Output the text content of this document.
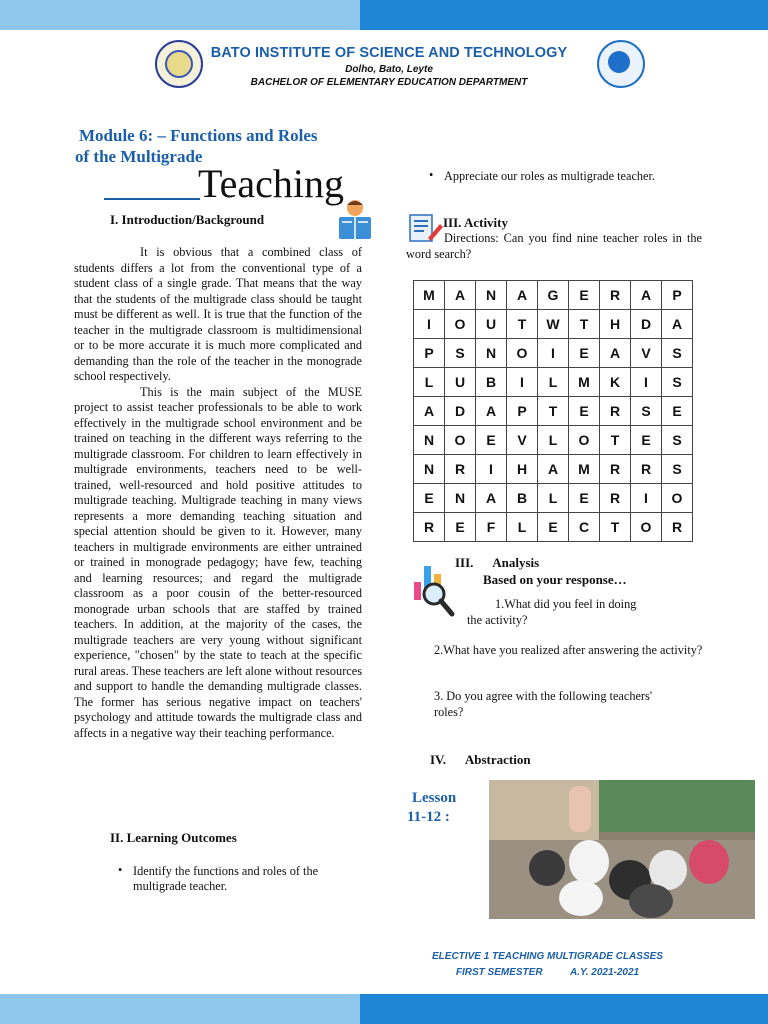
BATO INSTITUTE OF SCIENCE AND TECHNOLOGY
Dolho, Bato, Leyte
BACHELOR OF ELEMENTARY EDUCATION DEPARTMENT
Module 6: – Functions and Roles
of the Multigrade
Teaching
I. Introduction/Background

It is obvious that a combined class of students differs a lot from the conventional type of a student class of a single grade. That means that the way that the students of the multigrade class should be taught must be different as well. It is true that the function of the teacher in the multigrade classroom is multidimensional or to be more accurate it is much more complicated and demanding than the role of the teacher in the monograde school respectively.

This is the main subject of the MUSE project to assist teacher professionals to be able to work effectively in the multigrade school environment and be trained on teaching in the different ways referring to the multigrade classroom. For children to learn effectively in multigrade environments, teachers need to be well-trained, well-resourced and hold positive attitudes to multigrade teaching. Multigrade teaching in many views represents a more demanding teaching situation and special attention should be given to it. However, many teachers in multigrade environments are either untrained or trained in monograde pedagogy; have few, teaching and learning resources; and regard the multigrade classroom as a poor cousin of the better-resourced monograde urban schools that are staffed by trained teachers. In addition, at the majority of the cases, the multigrade teachers are very young without significant experience, "chosen" by the state to teach at the specific rural areas. These teachers are left alone without resources and support to handle the demanding multigrade classes. The former has serious negative impact on teachers' psychology and attitude towards the multigrade class and affects in a negative way their teaching performance.

II. Learning Outcomes
• Identify the functions and roles of the multigrade teacher.
• Appreciate our roles as multigrade teacher.
III. Activity
Directions: Can you find nine teacher roles in the word search?
M	A	N	A	G	E	R	A	P
I	O	U	T	W	T	H	D	A
P	S	N	O	I	E	A	V	S
L	U	B	I	L	M	K	I	S
A	D	A	P	T	E	R	S	E
N	O	E	V	L	O	T	E	S
N	R	I	H	A	M	R	R	S
E	N	A	B	L	E	R	I	O
R	E	F	L	E	C	T	O	R
III. Analysis
Based on your response…
1.What did you feel in doing
the activity?
2.What have you realized after answering the activity?
3. Do you agree with the following teachers' roles?
IV. Abstraction
Lesson
11-12 :
ELECTIVE 1 TEACHING MULTIGRADE CLASSES
FIRST SEMESTER	A.Y. 2021-2021
